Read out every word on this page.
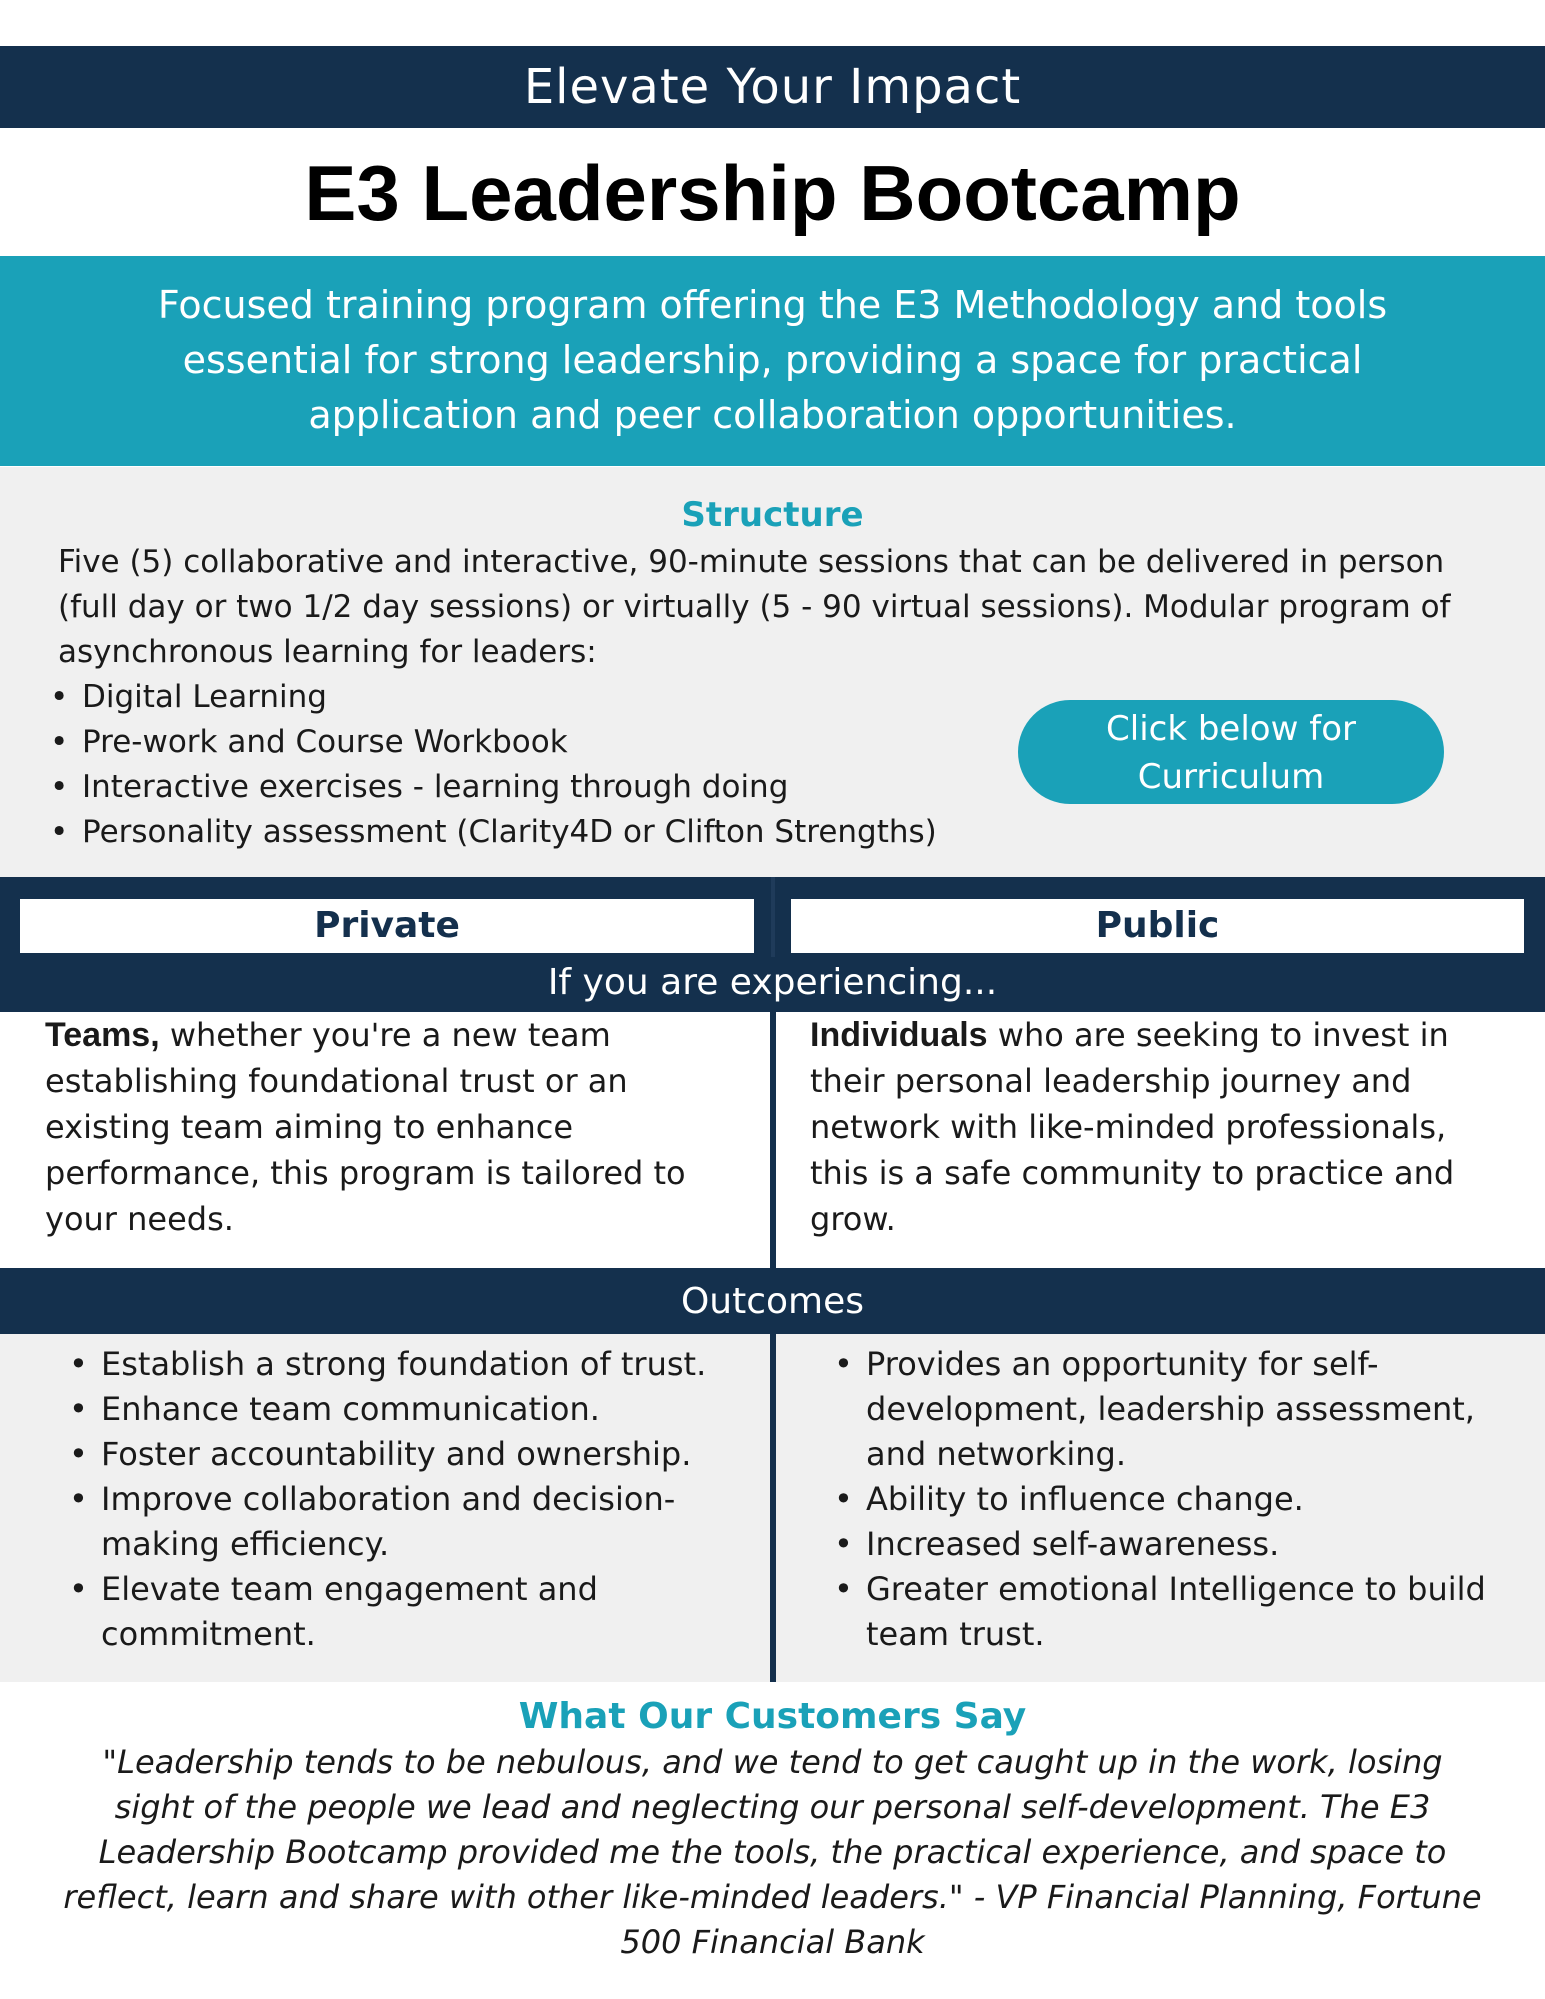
Elevate Your Impact
E3 Leadership Bootcamp

Focused training program offering the E3 Methodology and tools essential for strong leadership, providing a space for practical application and peer collaboration opportunities.

Structure

Five (5) collaborative and interactive, 90-minute sessions that can be delivered in person (full day or two 1/2 day sessions) or virtually (5 - 90 virtual sessions). Modular program of asynchronous learning for leaders:

• Digital Learning
• Pre-work and Course Workbook
• Interactive exercises - learning through doing
• Personality assessment (Clarity4D or Clifton Strengths)
Click below for Curriculum
Private	Public
If you are experiencing...

Teams, whether you're a new team establishing foundational trust or an existing team aiming to enhance performance, this program is tailored to your needs.

Individuals who are seeking to invest in their personal leadership journey and network with like-minded professionals, this is a safe community to practice and grow.

Outcomes
• Establish a strong foundation of trust.
• Enhance team communication.
• Foster accountability and ownership.
• Improve collaboration and decision-making efficiency.
• Elevate team engagement and commitment.
• Provides an opportunity for self-development, leadership assessment, and networking.
• Ability to influence change.
• Increased self-awareness.
• Greater emotional Intelligence to build team trust.
What Our Customers Say

"Leadership tends to be nebulous, and we tend to get caught up in the work, losing sight of the people we lead and neglecting our personal self-development. The E3 Leadership Bootcamp provided me the tools, the practical experience, and space to reflect, learn and share with other like-minded leaders." - VP Financial Planning, Fortune 500 Financial Bank
